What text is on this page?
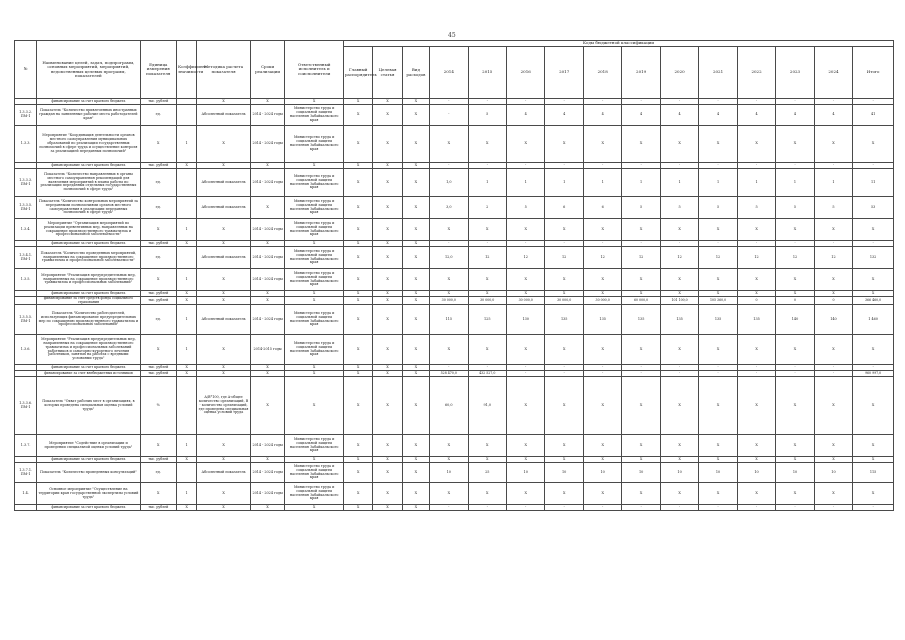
45
№	Наименование целей, задач, подпрограмм, основных мероприятий, мероприятий, ведомственных целевых программ, показателей	Единица измерения показателя	Коэффициент значимости	Методика расчета показателя	Сроки реализации	Ответственный исполнитель и соисполнители	Коды бюджетной классификации														
							Главный распорядитель	Целевая статья	Вид расходов	2014	2015	2016	2017	2018	2019	2020	2021	2022	2023	2024	Итого
	финансирование за счет краевого бюджета	тыс. рублей		X	X	X	X	X	X	-	-	-	-	-	-	-	-	-	-	-	-
1.3.3.2. ПМ-1	Показатель "Количество привлеченных иностранных граждан на заявленные рабочие места работодателей края"	ед.		Абсолютный показатель	2014 - 2024 годы	Министерство труда и социальной защиты населения Забайкальского края	X	X	X	-	5	4	4	4	4	4	4	4	4	4	41
1.3.3.	Мероприятие "Координация деятельности органов местного самоуправления муниципальных образований по реализации государственных полномочий в сфере труда и осуществление контроля за реализацией переданных полномочий"	X	1	X	2014 - 2024 годы	Министерство труда и социальной защиты населения Забайкальского края	X	X	X	X	X	X	X	X	X	X	X	X	X	X	X
	финансирование за счет краевого бюджета	тыс. рублей	X	X	X	X	X	X	X	-	-	-	-	-	-	-	-	-	-	-	-
1.3.3.3. ПМ-1	Показатель "Количество направленных в органы местного самоуправления рекомендаций для включения мероприятий в планы работы по реализации переданных отдельных государственных полномочий в сфере труда"	ед.		Абсолютный показатель	2014 - 2024 годы	Министерство труда и социальной защиты населения Забайкальского края	X	X	X	1,0	1	1	1	1	1	1	1	1	1	1	11
1.3.3.5. ПМ-1	Показатель "Количество контрольных мероприятий за переданными полномочиями органов местного самоуправления в реализации переданных полномочий в сфере труда"	ед.		Абсолютный показатель	X	Министерство труда и социальной защиты населения Забайкальского края	X	X	X	3,0	2	5	6	6	5	5	5	5	5	5	53
1.3.4.	Мероприятие "Организация мероприятий по реализации превентивных мер, направленных на сокращение производственного травматизма и профессиональной заболеваемости"	X	1	X	2014 - 2024 годы	Министерство труда и социальной защиты населения Забайкальского края	X	X	X	X	X	X	X	X	X	X	X	X	X	X	X
	финансирование за счет краевого бюджета	тыс. рублей	X	X	X	X	X	X	X	-	-	-	-	-	-	-	-	-	-	-	-
1.3.4.1. ПМ-1	Показатель "Количество проведенных мероприятий, направленных на сокращение производственного травматизма и профессиональной заболеваемости"	ед.		Абсолютный показатель	2014 - 2024 годы	Министерство труда и социальной защиты населения Забайкальского края	X	X	X	12,0	12	12	12	12	12	12	12	12	12	12	132
1.3.5.	Мероприятие "Реализация предупредительных мер, направленных на сокращение производственного травматизма и профессиональных заболеваний"	X	1	X	2014 - 2024 годы	Министерство труда и социальной защиты населения Забайкальского края	X	X	X	X	X	X	X	X	X	X	X	X	X	X	X
	финансирование за счет краевого бюджета	тыс. рублей	X	X	X	X	X	X	X	X	X	X	X	X	X	X	X	X	X	X	X
	финансирование за счет средств фонда социального страхования	тыс. рублей	X	X	X	X	X	X	X	30 000,0	30 000,0	30 000,0	30 000,0	30 000,0	60 000,0	101 100,0	105 360,0	0	0	0	366 460,0
1.3.5.5. ПМ-1	Показатель "Количество работодателей, использующих финансирование предупредительных мер по сокращению производственного травматизма и профессиональных заболеваний"	ед.	1	Абсолютный показатель	2014 - 2024 годы	Министерство труда и социальной защиты населения Забайкальского края	X	X	X	115	125	130	135	135	135	135	135	135	140	140	1 460
1.3.6.	Мероприятие "Реализация предупредительных мер, направленных на сокращение производственного травматизма и профессиональных заболеваний работников и санаторно-курортного лечения работников, занятых на работах с вредными условиями труда"	X	1	X	2014-2015 годы	Министерство труда и социальной защиты населения Забайкальского края	X	X	X	X	X	X	X	X	X	X	X	X	X	X	X
	финансирование за счет краевого бюджета	тыс. рублей	X	X	X	X	X	X	X	-	-	-	-	-	-	-	-	-	-	-	-
	финансирование за счет внебюджетных источников	тыс. рублей	X	X	X	X	X	X	X	528 470,0	432 527,0	-	-	-	-	-	-	-	-	-	960 997,0
1.3.3.6. ПМ-1	Показатель "Охват рабочих мест в организациях, в которых проведена специальная оценка условий труда"	%		A/B*100, где A-общее количество организаций, B - количество организаций, где проведена специальная оценка условий труда	X	X	X	X	X	60,0	91,0	X	X	X	X	X	X	X	X	X	X
1.3.7.	Мероприятие "Содействие в организации и проведении специальной оценки условий труда"	X	1	X	2014 - 2024 годы	Министерство труда и социальной защиты населения Забайкальского края	X	X	X	X	X	X	X	X	X	X	X	X	X	X	X
	финансирование за счет краевого бюджета	тыс. рублей	X	X	X	X	X	X	X	X	X	X	X	X	X	X	X	X	X	X	X
1.3.7.1. ПМ-1	Показатель "Количество проведенных консультаций"	ед.		Абсолютный показатель	2014 - 2024 годы	Министерство труда и социальной защиты населения Забайкальского края	X	X	X	10	25	10	10	10	10	10	10	10	10	10	115
1.4.	Основное мероприятие "Осуществление на территории края государственной экспертизы условий труда"	X	1	X	2014 - 2024 годы	Министерство труда и социальной защиты населения Забайкальского края	X	X	X	X	X	X	X	X	X	X	X	X	X	X	X
	финансирование за счет краевого бюджета	тыс. рублей	X	X	X	X	X	X	X	-	-	-	-	-	-	-	-	-	-	-	-
